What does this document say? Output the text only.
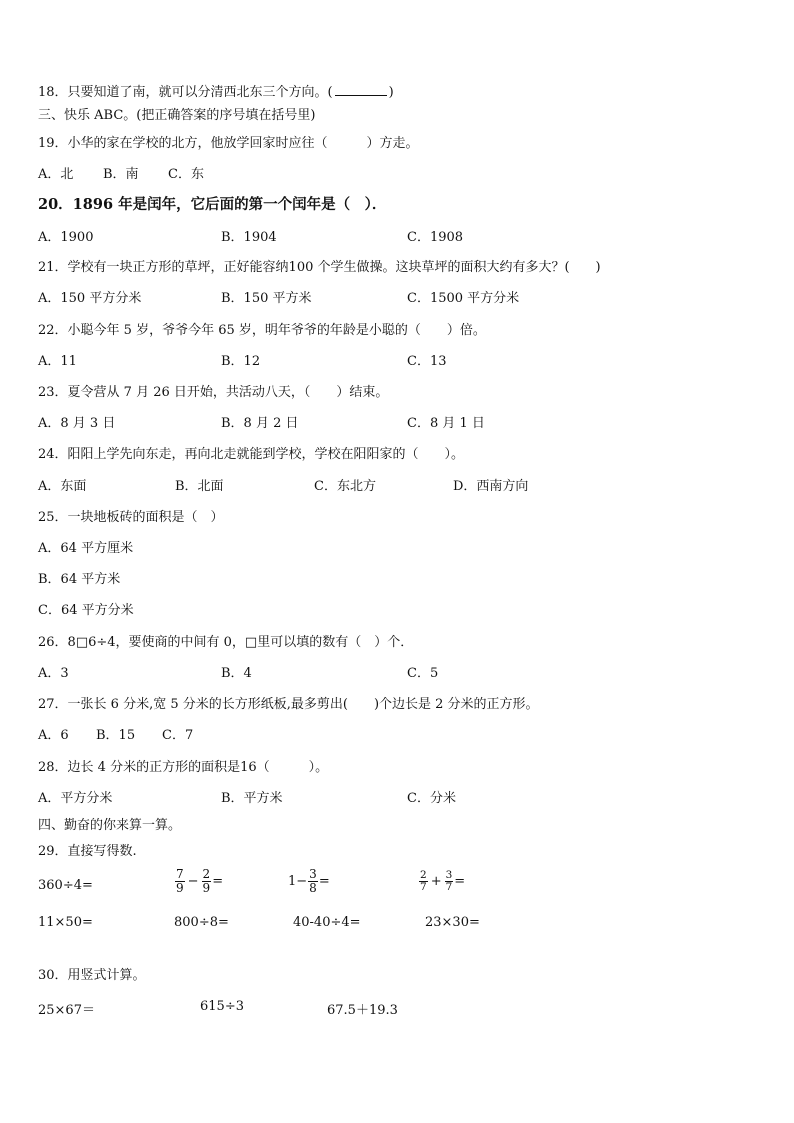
18．只要知道了南，就可以分清西北东三个方向。(	)
三、快乐 ABC。(把正确答案的序号填在括号里)
19．小华的家在学校的北方，他放学回家时应往（　　　）方走。
A．北 B．南 C．东
20．1896 年是闰年，它后面的第一个闰年是（　）．
A．1900	B．1904	C．1908
21．学校有一块正方形的草坪，正好能容纳100 个学生做操。这块草坪的面积大约有多大？(　　)
A．150 平方分米	B．150 平方米	C．1500 平方分米
22．小聪今年 5 岁，爷爷今年 65 岁，明年爷爷的年龄是小聪的（　　）倍。
A．11	B．12	C．13
23．夏令营从 7 月 26 日开始，共活动八天，（　　）结束。
A．8 月 3 日	B．8 月 2 日	C．8 月 1 日
24．阳阳上学先向东走，再向北走就能到学校，学校在阳阳家的（　　）。
A．东面	B．北面	C．东北方	D．西南方向
25．一块地板砖的面积是（　）
A．64 平方厘米
B．64 平方米
C．64 平方分米
26．8□6÷4，要使商的中间有 0，□里可以填的数有（　）个．
A．3	B．4	C．5
27．一张长 6 分米,宽 5 分米的长方形纸板,最多剪出(　　)个边长是 2 分米的正方形。
A．6 B．15 C．7
28．边长 4 分米的正方形的面积是16（　　　）。
A．平方分米	B．平方米	C．分米
四、勤奋的你来算一算。
29．直接写得数.
360÷4=	$\frac{7}{9} - \frac{2}{9}$ =	$1- \frac{3}{8}$ =	$\frac{2}{7} + \frac{3}{7}$ =
11×50=	800÷8=	40-40÷4=	23×30=
30．用竖式计算。
25×67＝	615÷3	67.5＋19.3
